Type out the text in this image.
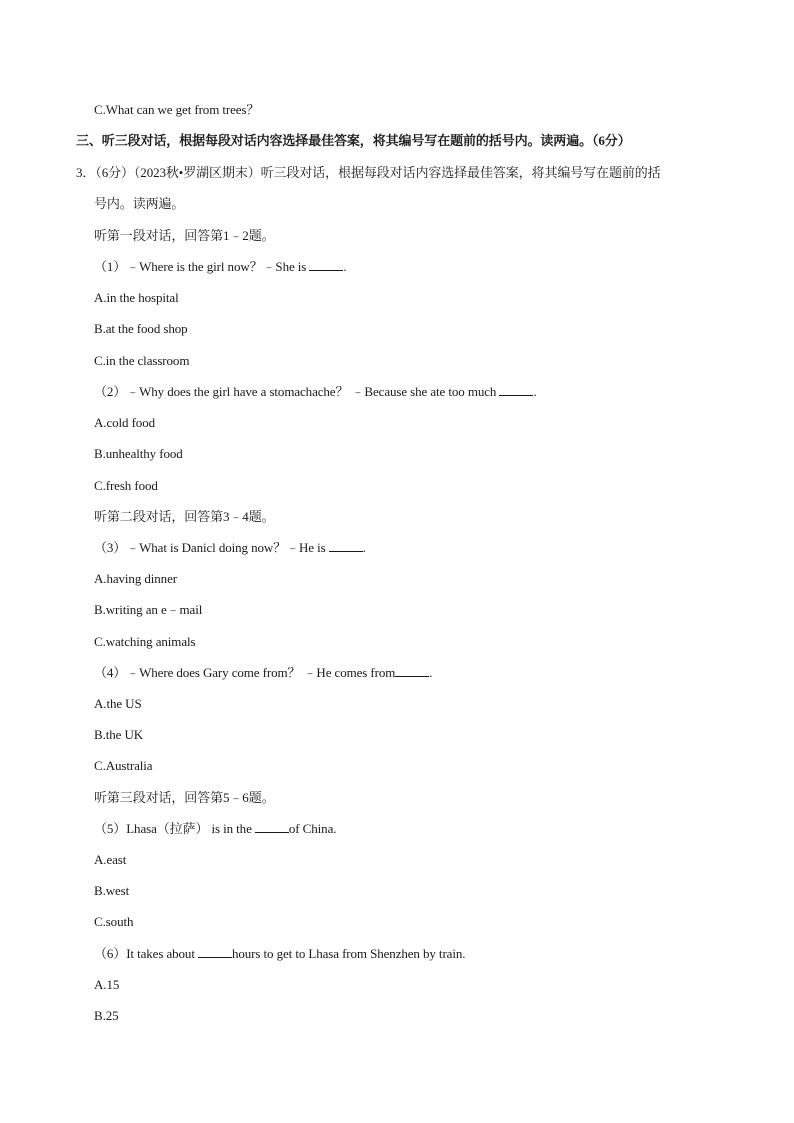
C.What can we get from trees？
三、听三段对话，根据每段对话内容选择最佳答案，将其编号写在题前的括号内。读两遍。（6分）
3．（6分）（2023秋•罗湖区期末）听三段对话，根据每段对话内容选择最佳答案，将其编号写在题前的括
号内。读两遍。
听第一段对话，回答第1﹣2题。
（1）﹣Where is the girl now？﹣She is	.
A.in the hospital
B.at the food shop
C.in the classroom
（2）﹣Why does the girl have a stomachache？ ﹣Because she ate too much	.
A.cold food
B.unhealthy food
C.fresh food
听第二段对话，回答第3﹣4题。
（3）﹣What is Danicl doing now？﹣He is	.
A.having dinner
B.writing an e﹣mail
C.watching animals
（4）﹣Where does Gary come from？ ﹣He comes from	.
A.the US
B.the UK
C.Australia
听第三段对话，回答第5﹣6题。
（5）Lhasa（拉萨） is in the	of China.
A.east
B.west
C.south
（6）It takes about	hours to get to Lhasa from Shenzhen by train.
A.15
B.25
